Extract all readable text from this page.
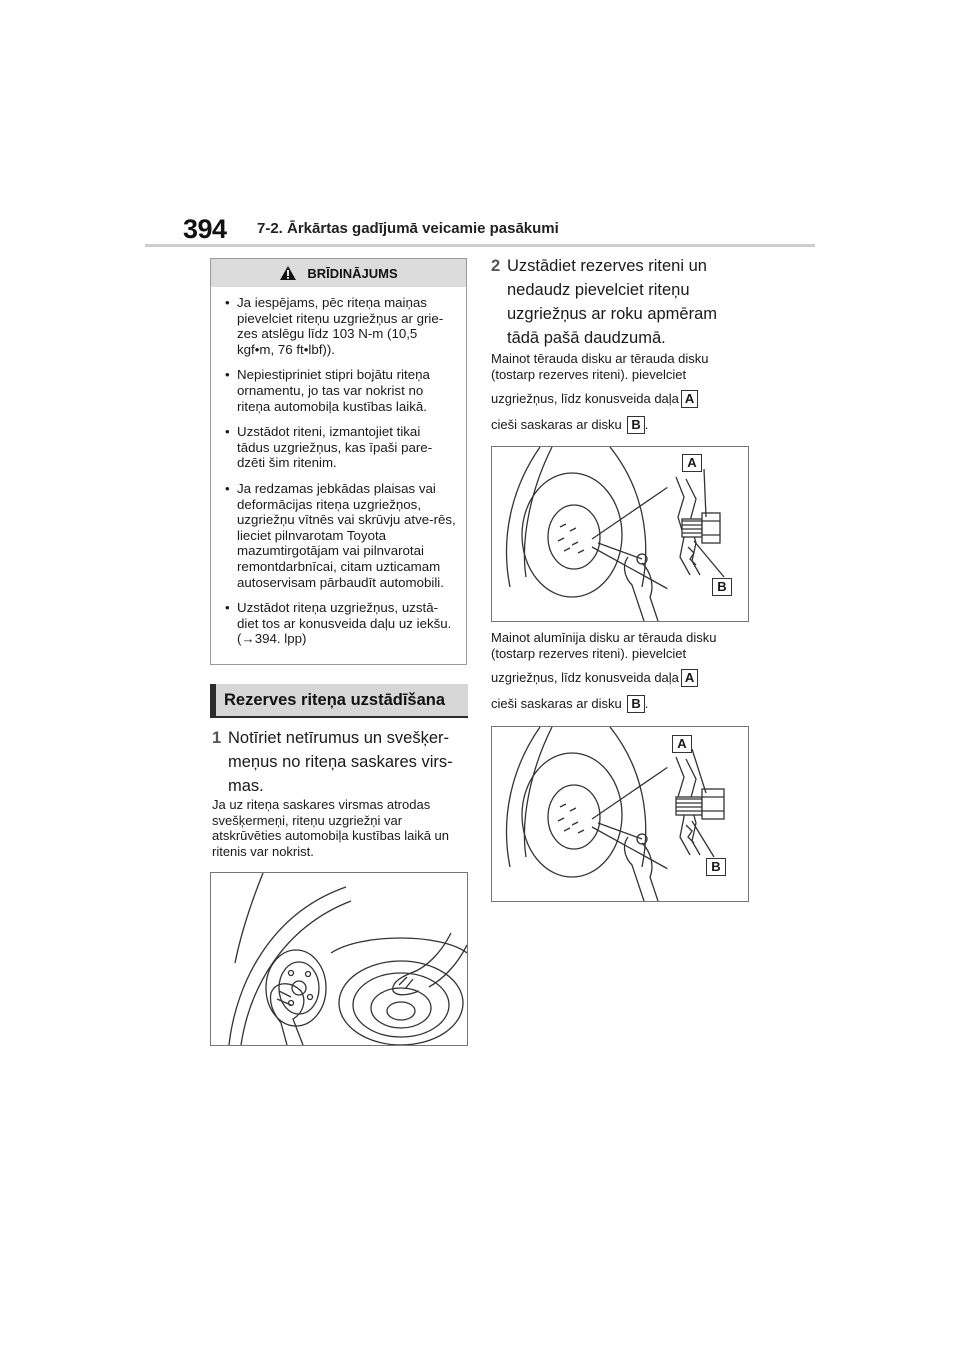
394 7-2. Ārkārtas gadījumā veicamie pasākumi
BRĪDINĀJUMS
• Ja iespējams, pēc riteņa maiņas pievelciet riteņu uzgriežņus ar grie-zes atslēgu līdz 103 N-m (10,5 kgf•m, 76 ft•lbf)).
• Nepiestipriniet stipri bojātu riteņa ornamentu, jo tas var nokrist no riteņa automobiļa kustības laikā.
• Uzstādot riteni, izmantojiet tikai tādus uzgriežņus, kas īpaši pare-dzēti šim ritenim.
• Ja redzamas jebkādas plaisas vai deformācijas riteņa uzgriežņos, uzgriežņu vītnēs vai skrūvju atve-rēs, lieciet pilnvarotam Toyota mazumtirgotājam vai pilnvarotai remontdarbnīcai, citam uzticamam autoservisam pārbaudīt automobili.
• Uzstādot riteņa uzgriežņus, uzstā-diet tos ar konusveida daļu uz iekšu. (→394. lpp)
Rezerves riteņa uzstādīšana
1 Notīriet netīrumus un svešķer-meņus no riteņa saskares virs-mas.
Ja uz riteņa saskares virsmas atrodas svešķermeņi, riteņu uzgriežņi var atskrūvēties automobiļa kustības laikā un ritenis var nokrist.
2 Uzstādiet rezerves riteni un nedaudz pievelciet riteņu uzgriežņus ar roku apmēram tādā pašā daudzumā.
Mainot tērauda disku ar tērauda disku (tostarp rezerves riteni). pievelciet
uzgriežņus, līdz konusveida daļa A
cieši saskaras ar disku B .
A
B
Mainot alumīnija disku ar tērauda disku (tostarp rezerves riteni). pievelciet
uzgriežņus, līdz konusveida daļa A
cieši saskaras ar disku B .
A
B
